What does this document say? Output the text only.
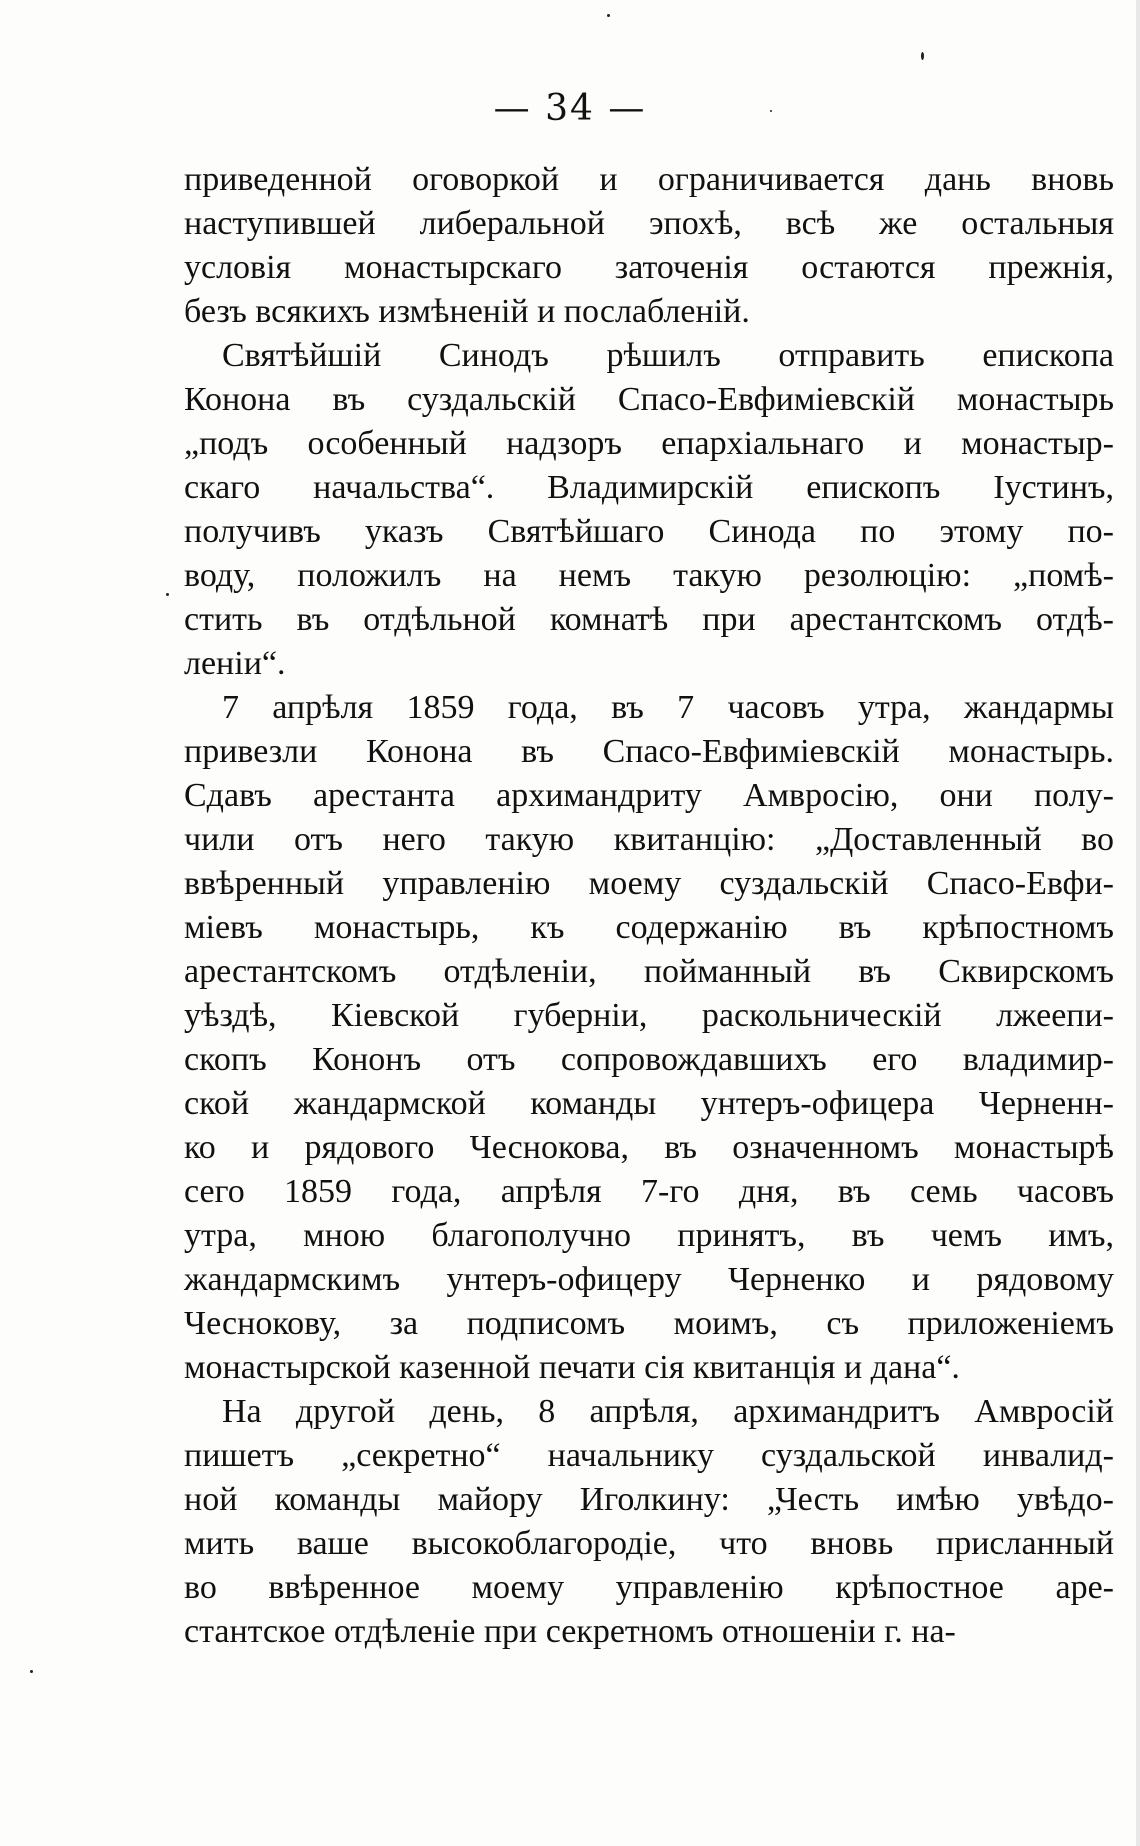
— 34 —
приведенной оговоркой и ограничивается дань вновь
наступившей либеральной эпохѣ, всѣ же остальныя
условія монастырскаго заточенія остаются прежнія,
безъ всякихъ измѣненій и послабленій.
Святѣйшій Синодъ рѣшилъ отправить епископа
Конона въ суздальскій Спасо-Евфиміевскій монастырь
„подъ особенный надзоръ епархіальнаго и монастыр-
скаго начальства“. Владимирскій епископъ Іустинъ,
получивъ указъ Святѣйшаго Синода по этому по-
воду, положилъ на немъ такую резолюцію: „помѣ-
стить въ отдѣльной комнатѣ при арестантскомъ отдѣ-
леніи“.
7 апрѣля 1859 года, въ 7 часовъ утра, жандармы
привезли Конона въ Спасо-Евфиміевскій монастырь.
Сдавъ арестанта архимандриту Амвросію, они полу-
чили отъ него такую квитанцію: „Доставленный во
ввѣренный управленію моему суздальскій Спасо-Евфи-
міевъ монастырь, къ содержанію въ крѣпостномъ
арестантскомъ отдѣленіи, пойманный въ Сквирскомъ
уѣздѣ, Кіевской губерніи, раскольническій лжеепи-
скопъ Кононъ отъ сопровождавшихъ его владимир-
ской жандармской команды унтеръ-офицера Черненн-
ко и рядового Чеснокова, въ означенномъ монастырѣ
сего 1859 года, апрѣля 7-го дня, въ семь часовъ
утра, мною благополучно принятъ, въ чемъ имъ,
жандармскимъ унтеръ-офицеру Черненко и рядовому
Чеснокову, за подписомъ моимъ, съ приложеніемъ
монастырской казенной печати сія квитанція и дана“.
На другой день, 8 апрѣля, архимандритъ Амвросій
пишетъ „секретно“ начальнику суздальской инвалид-
ной команды майору Иголкину: „Честь имѣю увѣдо-
мить ваше высокоблагородіе, что вновь присланный
во ввѣренное моему управленію крѣпостное аре-
стантское отдѣленіе при секретномъ отношеніи г. на-
